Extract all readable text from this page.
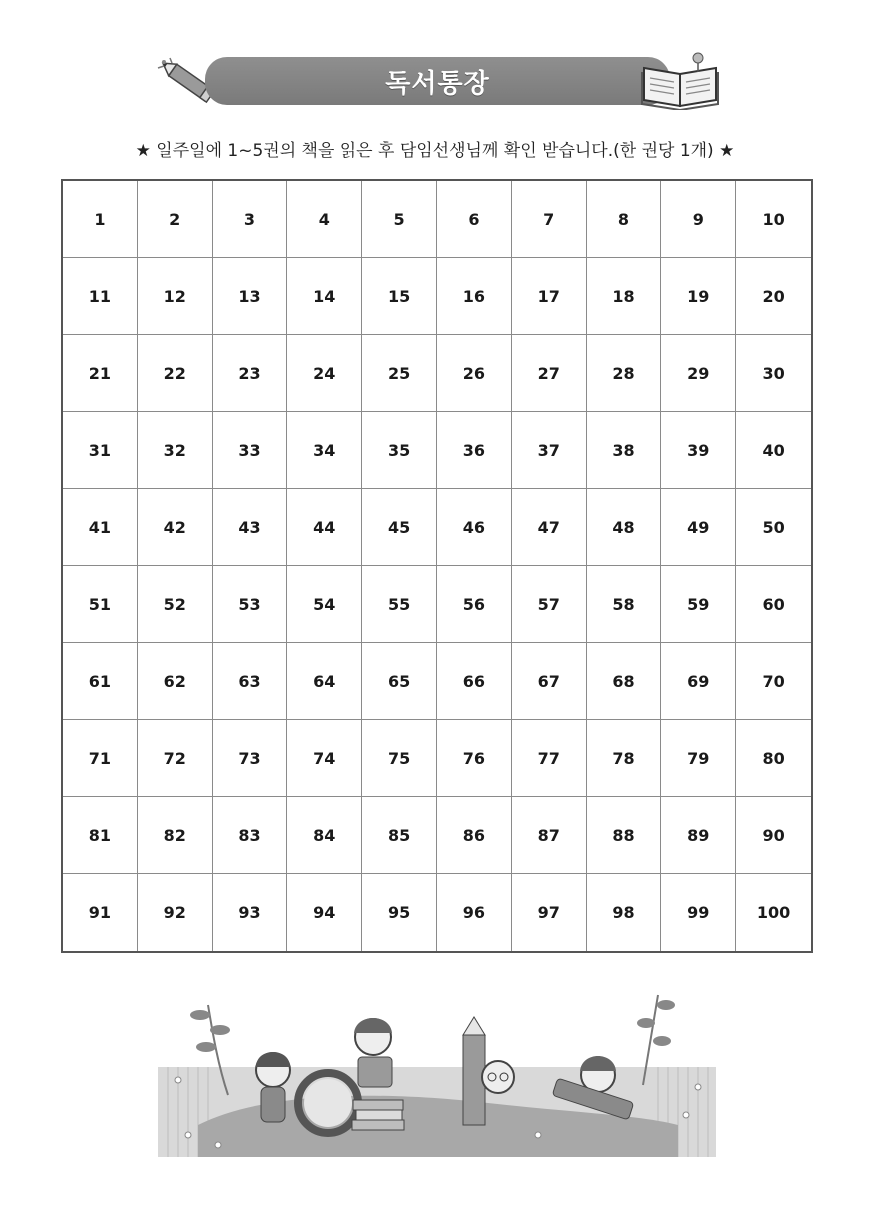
독서통장
★ 일주일에 1~5권의 책을 읽은 후 담임선생님께 확인 받습니다.(한 권당 1개) ★
1	2	3	4	5	6	7	8	9	10
11	12	13	14	15	16	17	18	19	20
21	22	23	24	25	26	27	28	29	30
31	32	33	34	35	36	37	38	39	40
41	42	43	44	45	46	47	48	49	50
51	52	53	54	55	56	57	58	59	60
61	62	63	64	65	66	67	68	69	70
71	72	73	74	75	76	77	78	79	80
81	82	83	84	85	86	87	88	89	90
91	92	93	94	95	96	97	98	99	100
